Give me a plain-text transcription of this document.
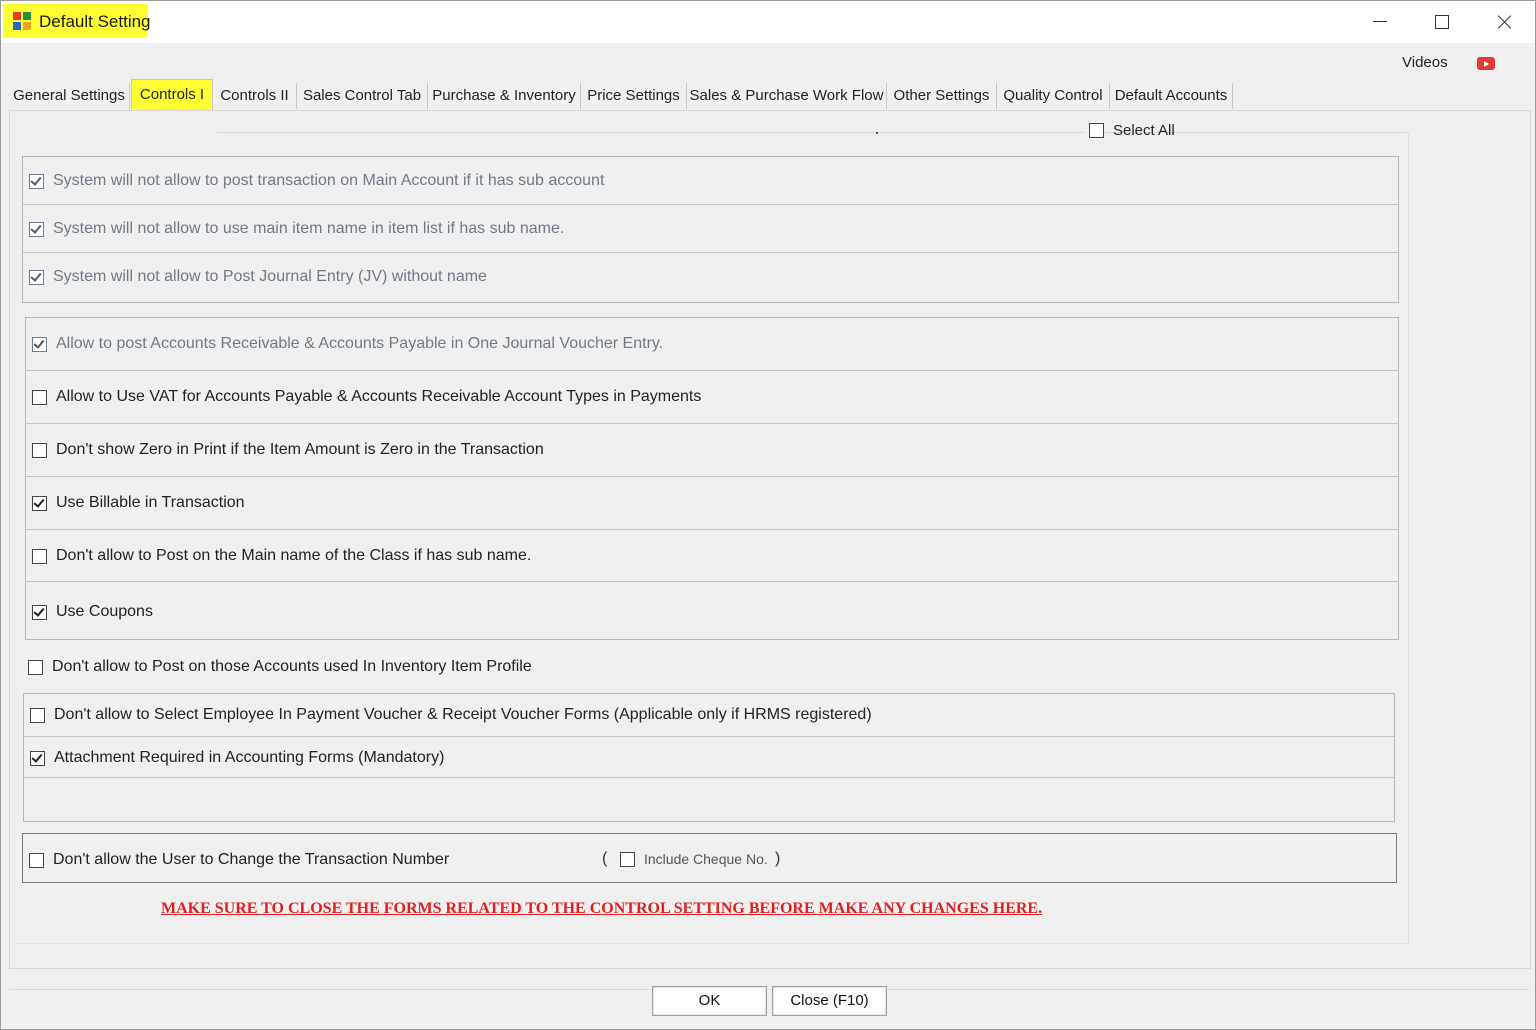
Default Setting
Videos
General Settings	Controls I	Controls II Sales Control Tab Purchase & Inventory Price Settings Sales & Purchase Work Flow Other Settings Quality Control Default Accounts
Select All
System will not allow to post transaction on Main Account if it has sub account
System will not allow to use main item name in item list if has sub name.
System will not allow to Post Journal Entry (JV) without name
Allow to post Accounts Receivable & Accounts Payable in One Journal Voucher Entry.
Allow to Use VAT for Accounts Payable & Accounts Receivable Account Types in Payments
Don't show Zero in Print if the Item Amount is Zero in the Transaction
Use Billable in Transaction
Don't allow to Post on the Main name of the Class if has sub name.
Use Coupons
Don't allow to Post on those Accounts used In Inventory Item Profile
Don't allow to Select Employee In Payment Voucher & Receipt Voucher Forms (Applicable only if HRMS registered)
Attachment Required in Accounting Forms (Mandatory)
Don't allow the User to Change the Transaction Number	(	Include Cheque No. )
MAKE SURE TO CLOSE THE FORMS RELATED TO THE CONTROL SETTING BEFORE MAKE ANY CHANGES HERE.
OK	Close (F10)
